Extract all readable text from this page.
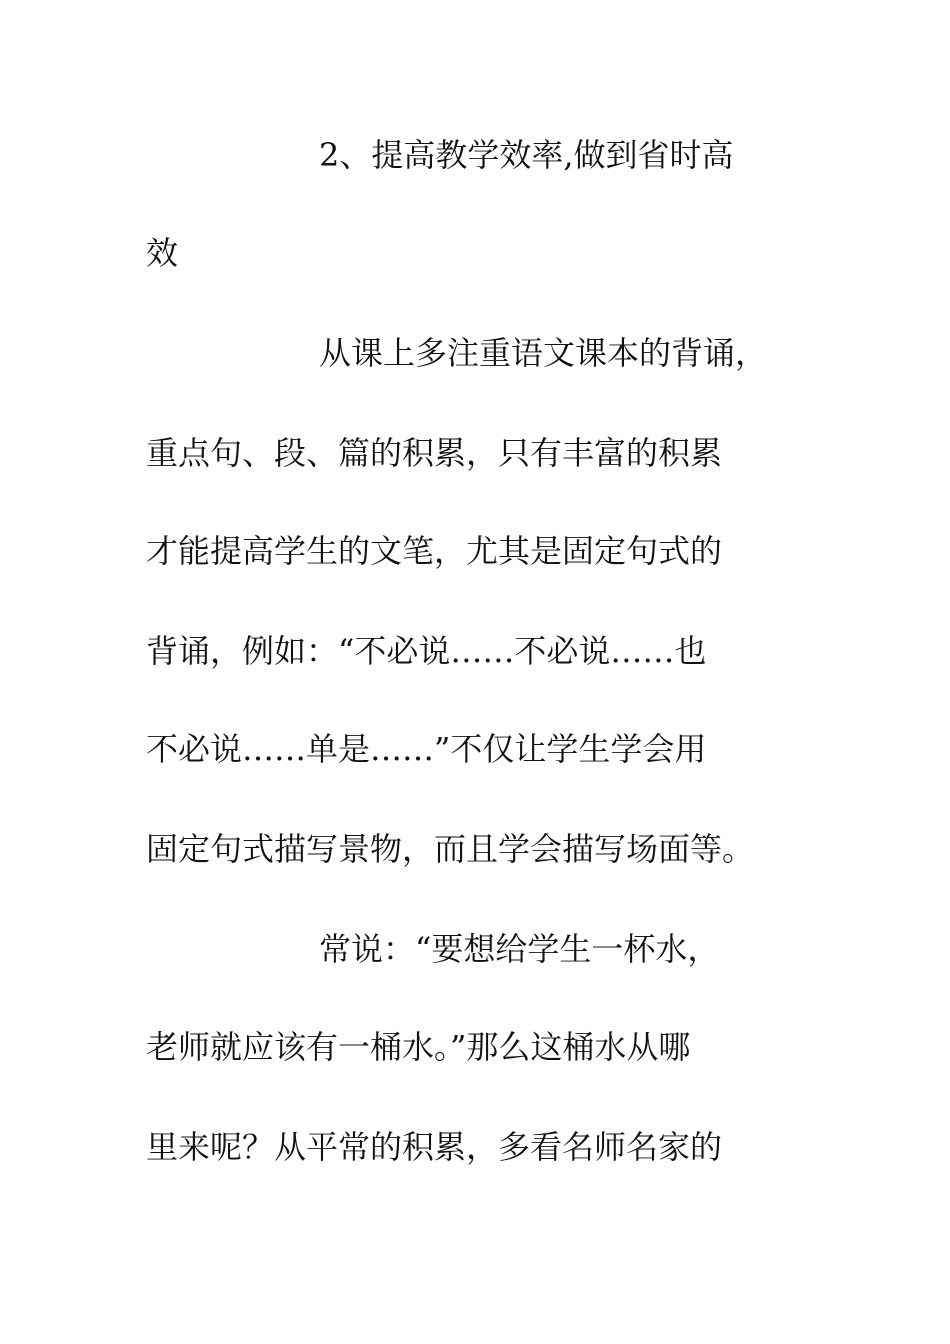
2、提高教学效率,做到省时高
效
从课上多注重语文课本的背诵，
重点句、段、篇的积累，只有丰富的积累
才能提高学生的文笔，尤其是固定句式的
背诵，例如：“不必说……不必说……也
不必说……单是……”不仅让学生学会用
固定句式描写景物，而且学会描写场面等。
常说：“要想给学生一杯水，
老师就应该有一桶水。”那么这桶水从哪
里来呢？从平常的积累，多看名师名家的
